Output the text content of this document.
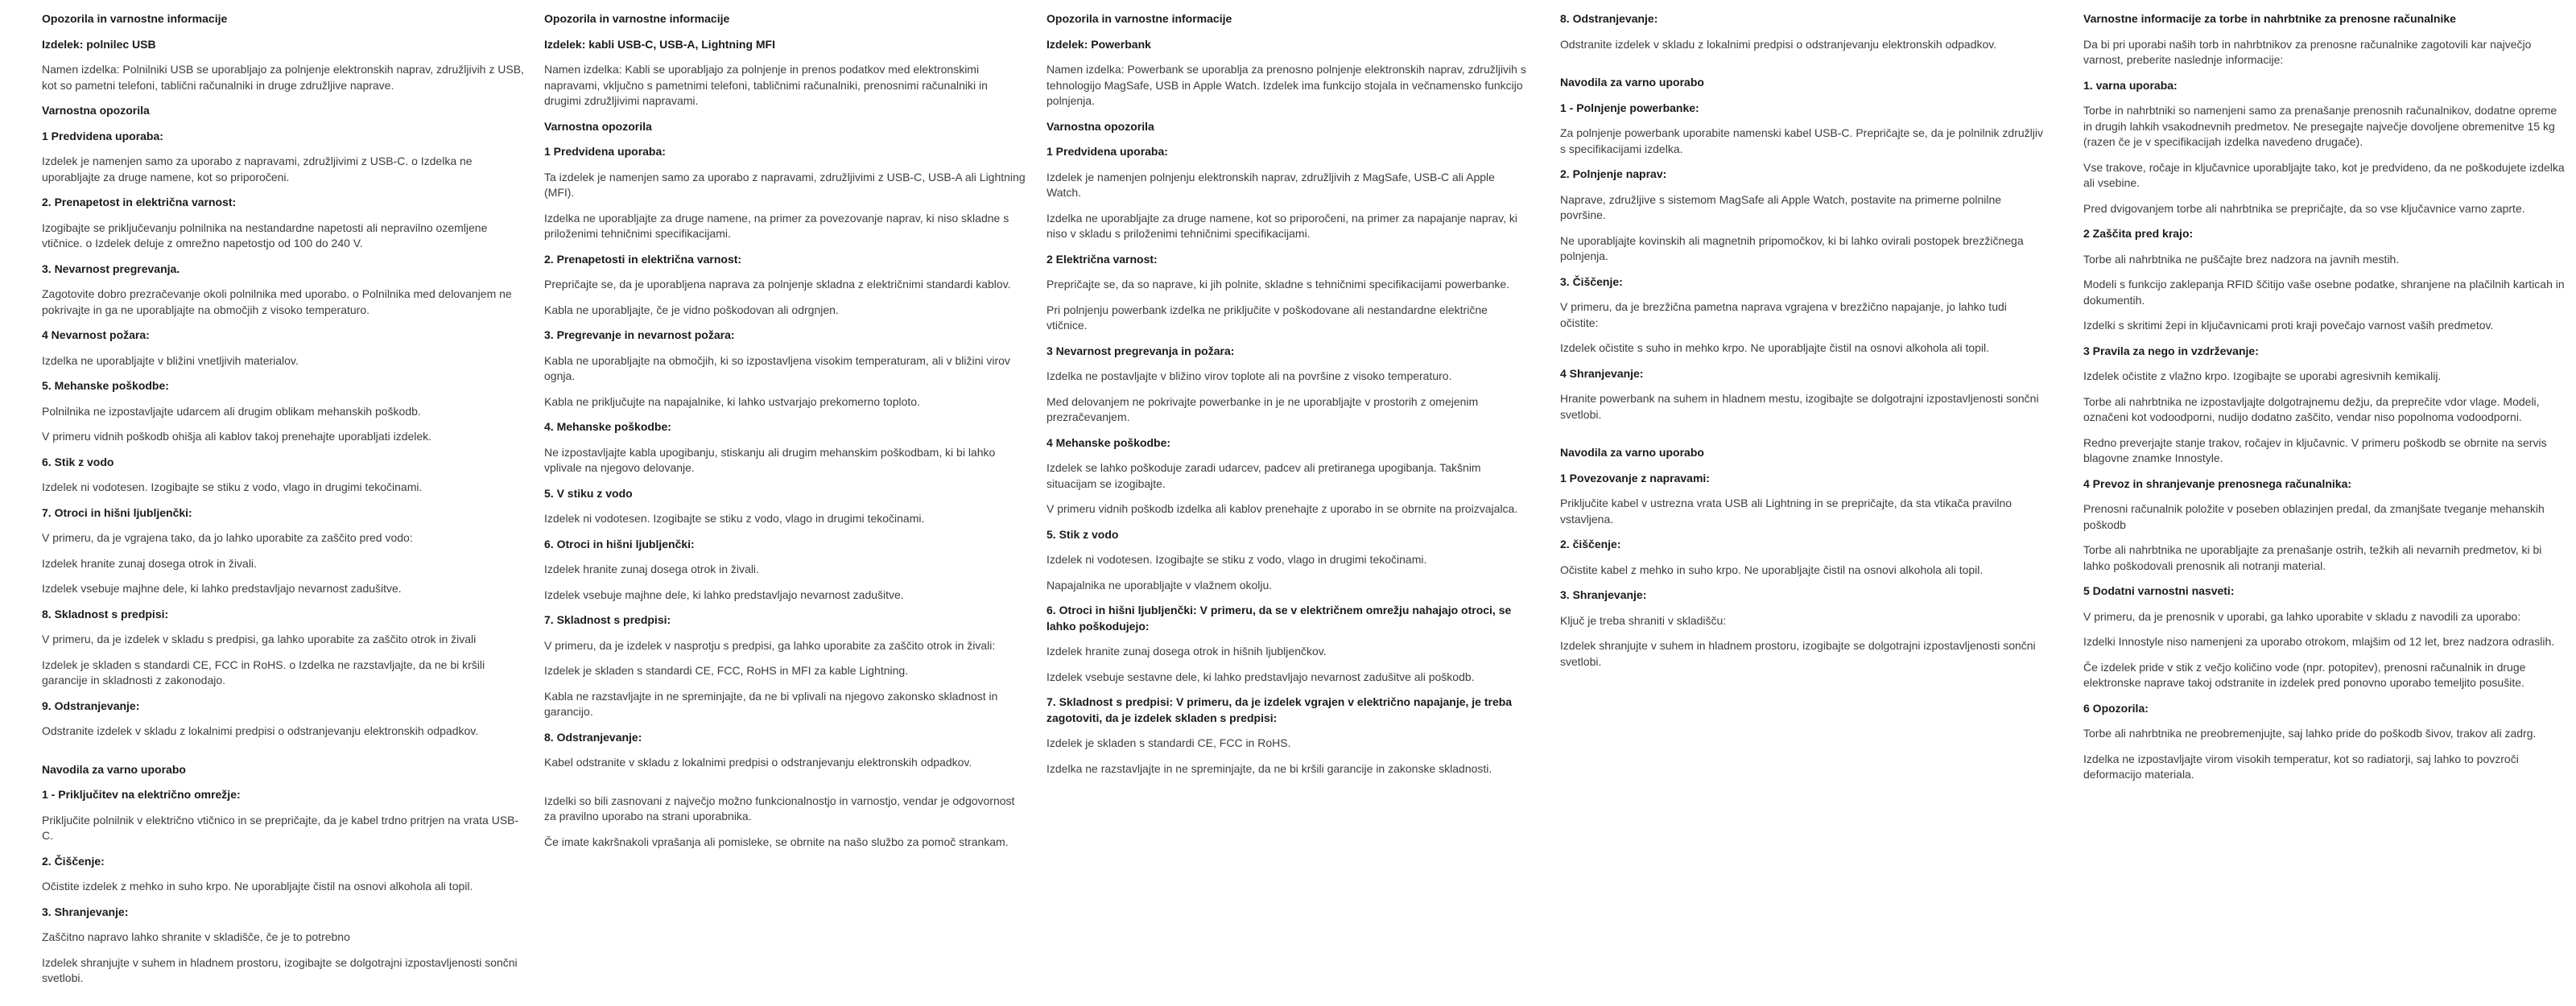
Opozorila in varnostne informacije

Izdelek: polnilec USB

Namen izdelka: Polnilniki USB se uporabljajo za polnjenje elektronskih naprav, združljivih z USB, kot so pametni telefoni, tablični računalniki in druge združljive naprave.

Varnostna opozorila

1 Predvidena uporaba:

Izdelek je namenjen samo za uporabo z napravami, združljivimi z USB-C. o Izdelka ne uporabljajte za druge namene, kot so priporočeni.

2. Prenapetost in električna varnost:

Izogibajte se priključevanju polnilnika na nestandardne napetosti ali nepravilno ozemljene vtičnice. o Izdelek deluje z omrežno napetostjo od 100 do 240 V.

3. Nevarnost pregrevanja.

Zagotovite dobro prezračevanje okoli polnilnika med uporabo. o Polnilnika med delovanjem ne pokrivajte in ga ne uporabljajte na območjih z visoko temperaturo.

4 Nevarnost požara:

Izdelka ne uporabljajte v bližini vnetljivih materialov.

5. Mehanske poškodbe:

Polnilnika ne izpostavljajte udarcem ali drugim oblikam mehanskih poškodb.

V primeru vidnih poškodb ohišja ali kablov takoj prenehajte uporabljati izdelek.

6. Stik z vodo

Izdelek ni vodotesen. Izogibajte se stiku z vodo, vlago in drugimi tekočinami.

7. Otroci in hišni ljubljenčki:

V primeru, da je vgrajena tako, da jo lahko uporabite za zaščito pred vodo:

Izdelek hranite zunaj dosega otrok in živali.

Izdelek vsebuje majhne dele, ki lahko predstavljajo nevarnost zadušitve.

8. Skladnost s predpisi:

V primeru, da je izdelek v skladu s predpisi, ga lahko uporabite za zaščito otrok in živali

Izdelek je skladen s standardi CE, FCC in RoHS. o Izdelka ne razstavljajte, da ne bi kršili garancije in skladnosti z zakonodajo.

9. Odstranjevanje:

Odstranite izdelek v skladu z lokalnimi predpisi o odstranjevanju elektronskih odpadkov.

Navodila za varno uporabo

1 - Priključitev na električno omrežje:

Priključite polnilnik v električno vtičnico in se prepričajte, da je kabel trdno pritrjen na vrata USB-C.

2. Čiščenje:

Očistite izdelek z mehko in suho krpo. Ne uporabljajte čistil na osnovi alkohola ali topil.

3. Shranjevanje:

Zaščitno napravo lahko shranite v skladišče, če je to potrebno

Izdelek shranjujte v suhem in hladnem prostoru, izogibajte se dolgotrajni izpostavljenosti sončni svetlobi.

Opozorila in varnostne informacije

Izdelek: kabli USB-C, USB-A, Lightning MFI

Namen izdelka: Kabli se uporabljajo za polnjenje in prenos podatkov med elektronskimi napravami, vključno s pametnimi telefoni, tabličnimi računalniki, prenosnimi računalniki in drugimi združljivimi napravami.

Varnostna opozorila

1 Predvidena uporaba:

Ta izdelek je namenjen samo za uporabo z napravami, združljivimi z USB-C, USB-A ali Lightning (MFI).

Izdelka ne uporabljajte za druge namene, na primer za povezovanje naprav, ki niso skladne s priloženimi tehničnimi specifikacijami.

2. Prenapetosti in električna varnost:

Prepričajte se, da je uporabljena naprava za polnjenje skladna z električnimi standardi kablov.

Kabla ne uporabljajte, če je vidno poškodovan ali odrgnjen.

3. Pregrevanje in nevarnost požara:

Kabla ne uporabljajte na območjih, ki so izpostavljena visokim temperaturam, ali v bližini virov ognja.

Kabla ne priključujte na napajalnike, ki lahko ustvarjajo prekomerno toploto.

4. Mehanske poškodbe:

Ne izpostavljajte kabla upogibanju, stiskanju ali drugim mehanskim poškodbam, ki bi lahko vplivale na njegovo delovanje.

5. V stiku z vodo

Izdelek ni vodotesen. Izogibajte se stiku z vodo, vlago in drugimi tekočinami.

6. Otroci in hišni ljubljenčki:

Izdelek hranite zunaj dosega otrok in živali.

Izdelek vsebuje majhne dele, ki lahko predstavljajo nevarnost zadušitve.

7. Skladnost s predpisi:

V primeru, da je izdelek v nasprotju s predpisi, ga lahko uporabite za zaščito otrok in živali:

Izdelek je skladen s standardi CE, FCC, RoHS in MFI za kable Lightning.

Kabla ne razstavljajte in ne spreminjajte, da ne bi vplivali na njegovo zakonsko skladnost in garancijo.

8. Odstranjevanje:

Kabel odstranite v skladu z lokalnimi predpisi o odstranjevanju elektronskih odpadkov.

Izdelki so bili zasnovani z največjo možno funkcionalnostjo in varnostjo, vendar je odgovornost za pravilno uporabo na strani uporabnika.

Če imate kakršnakoli vprašanja ali pomisleke, se obrnite na našo službo za pomoč strankam.

Opozorila in varnostne informacije

Izdelek: Powerbank

Namen izdelka: Powerbank se uporablja za prenosno polnjenje elektronskih naprav, združljivih s tehnologijo MagSafe, USB in Apple Watch. Izdelek ima funkcijo stojala in večnamensko funkcijo polnjenja.

Varnostna opozorila

1 Predvidena uporaba:

Izdelek je namenjen polnjenju elektronskih naprav, združljivih z MagSafe, USB-C ali Apple Watch.

Izdelka ne uporabljajte za druge namene, kot so priporočeni, na primer za napajanje naprav, ki niso v skladu s priloženimi tehničnimi specifikacijami.

2 Električna varnost:

Prepričajte se, da so naprave, ki jih polnite, skladne s tehničnimi specifikacijami powerbanke.

Pri polnjenju powerbank izdelka ne priključite v poškodovane ali nestandardne električne vtičnice.

3 Nevarnost pregrevanja in požara:

Izdelka ne postavljajte v bližino virov toplote ali na površine z visoko temperaturo.

Med delovanjem ne pokrivajte powerbanke in je ne uporabljajte v prostorih z omejenim prezračevanjem.

4 Mehanske poškodbe:

Izdelek se lahko poškoduje zaradi udarcev, padcev ali pretiranega upogibanja. Takšnim situacijam se izogibajte.

V primeru vidnih poškodb izdelka ali kablov prenehajte z uporabo in se obrnite na proizvajalca.

5. Stik z vodo

Izdelek ni vodotesen. Izogibajte se stiku z vodo, vlago in drugimi tekočinami.

Napajalnika ne uporabljajte v vlažnem okolju.

6. Otroci in hišni ljubljenčki: V primeru, da se v električnem omrežju nahajajo otroci, se lahko poškodujejo:

Izdelek hranite zunaj dosega otrok in hišnih ljubljenčkov.

Izdelek vsebuje sestavne dele, ki lahko predstavljajo nevarnost zadušitve ali poškodb.

7. Skladnost s predpisi: V primeru, da je izdelek vgrajen v električno napajanje, je treba zagotoviti, da je izdelek skladen s predpisi:

Izdelek je skladen s standardi CE, FCC in RoHS.

Izdelka ne razstavljajte in ne spreminjajte, da ne bi kršili garancije in zakonske skladnosti.

8. Odstranjevanje:

Odstranite izdelek v skladu z lokalnimi predpisi o odstranjevanju elektronskih odpadkov.

Navodila za varno uporabo

1 - Polnjenje powerbanke:

Za polnjenje powerbank uporabite namenski kabel USB-C. Prepričajte se, da je polnilnik združljiv s specifikacijami izdelka.

2. Polnjenje naprav:

Naprave, združljive s sistemom MagSafe ali Apple Watch, postavite na primerne polnilne površine.

Ne uporabljajte kovinskih ali magnetnih pripomočkov, ki bi lahko ovirali postopek brezžičnega polnjenja.

3. Čiščenje:

V primeru, da je brezžična pametna naprava vgrajena v brezžično napajanje, jo lahko tudi očistite:

Izdelek očistite s suho in mehko krpo. Ne uporabljajte čistil na osnovi alkohola ali topil.

4 Shranjevanje:

Hranite powerbank na suhem in hladnem mestu, izogibajte se dolgotrajni izpostavljenosti sončni svetlobi.

Navodila za varno uporabo

1 Povezovanje z napravami:

Priključite kabel v ustrezna vrata USB ali Lightning in se prepričajte, da sta vtikača pravilno vstavljena.

2. čiščenje:

Očistite kabel z mehko in suho krpo. Ne uporabljajte čistil na osnovi alkohola ali topil.

3. Shranjevanje:

Ključ je treba shraniti v skladišču:

Izdelek shranjujte v suhem in hladnem prostoru, izogibajte se dolgotrajni izpostavljenosti sončni svetlobi.

Varnostne informacije za torbe in nahrbtnike za prenosne računalnike

Da bi pri uporabi naših torb in nahrbtnikov za prenosne računalnike zagotovili kar največjo varnost, preberite naslednje informacije:

1. varna uporaba:

Torbe in nahrbtniki so namenjeni samo za prenašanje prenosnih računalnikov, dodatne opreme in drugih lahkih vsakodnevnih predmetov. Ne presegajte največje dovoljene obremenitve 15 kg (razen če je v specifikacijah izdelka navedeno drugače).

Vse trakove, ročaje in ključavnice uporabljajte tako, kot je predvideno, da ne poškodujete izdelka ali vsebine.

Pred dvigovanjem torbe ali nahrbtnika se prepričajte, da so vse ključavnice varno zaprte.

2 Zaščita pred krajo:

Torbe ali nahrbtnika ne puščajte brez nadzora na javnih mestih.

Modeli s funkcijo zaklepanja RFID ščitijo vaše osebne podatke, shranjene na plačilnih karticah in dokumentih.

Izdelki s skritimi žepi in ključavnicami proti kraji povečajo varnost vaših predmetov.

3 Pravila za nego in vzdrževanje:

Izdelek očistite z vlažno krpo. Izogibajte se uporabi agresivnih kemikalij.

Torbe ali nahrbtnika ne izpostavljajte dolgotrajnemu dežju, da preprečite vdor vlage. Modeli, označeni kot vodoodporni, nudijo dodatno zaščito, vendar niso popolnoma vodoodporni.

Redno preverjajte stanje trakov, ročajev in ključavnic. V primeru poškodb se obrnite na servis blagovne znamke Innostyle.

4 Prevoz in shranjevanje prenosnega računalnika:

Prenosni računalnik položite v poseben oblazinjen predal, da zmanjšate tveganje mehanskih poškodb

Torbe ali nahrbtnika ne uporabljajte za prenašanje ostrih, težkih ali nevarnih predmetov, ki bi lahko poškodovali prenosnik ali notranji material.

5 Dodatni varnostni nasveti:

V primeru, da je prenosnik v uporabi, ga lahko uporabite v skladu z navodili za uporabo:

Izdelki Innostyle niso namenjeni za uporabo otrokom, mlajšim od 12 let, brez nadzora odraslih.

Če izdelek pride v stik z večjo količino vode (npr. potopitev), prenosni računalnik in druge elektronske naprave takoj odstranite in izdelek pred ponovno uporabo temeljito posušite.

6 Opozorila:

Torbe ali nahrbtnika ne preobremenjujte, saj lahko pride do poškodb šivov, trakov ali zadrg.

Izdelka ne izpostavljajte virom visokih temperatur, kot so radiatorji, saj lahko to povzroči deformacijo materiala.
